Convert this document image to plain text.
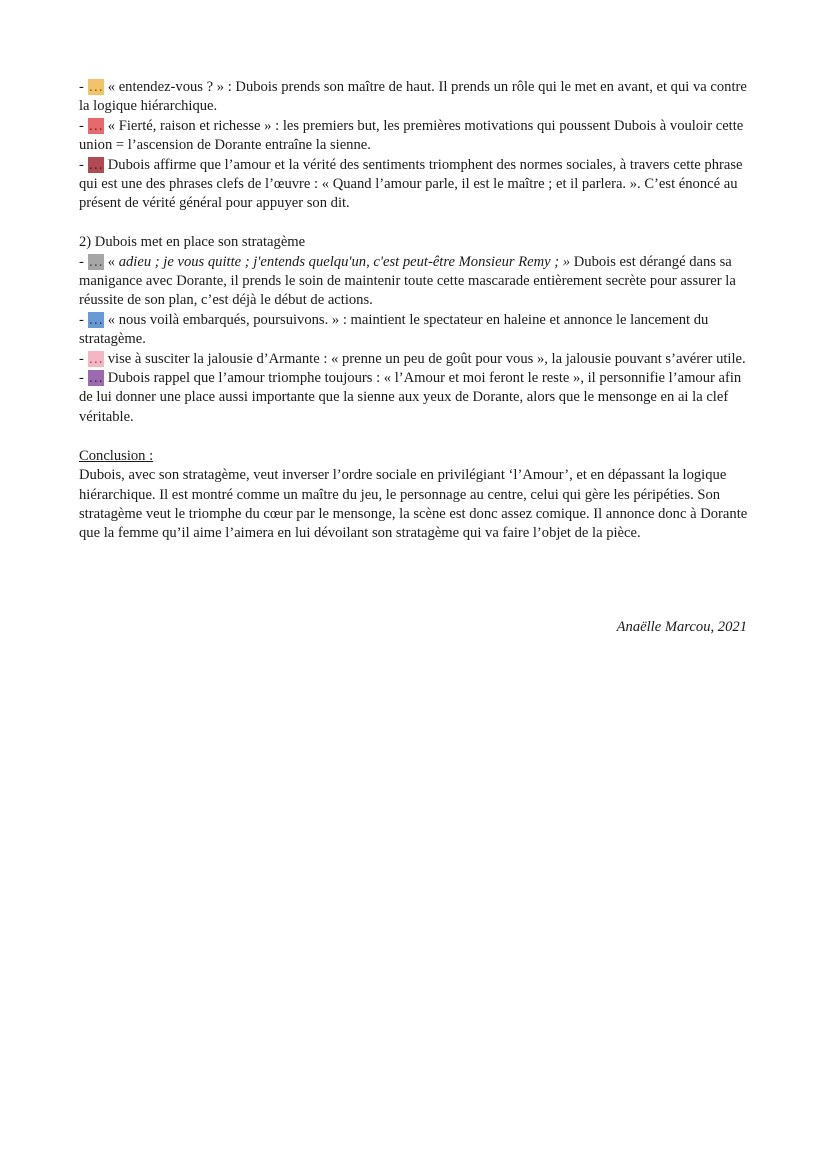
- … « entendez-vous ? » : Dubois prends son maître de haut. Il prends un rôle qui le met en avant, et qui va contre la logique hiérarchique.

- … « Fierté, raison et richesse » : les premiers but, les premières motivations qui poussent Dubois à vouloir cette union = l’ascension de Dorante entraîne la sienne.

- … Dubois affirme que l’amour et la vérité des sentiments triomphent des normes sociales, à travers cette phrase qui est une des phrases clefs de l’œuvre : « Quand l’amour parle, il est le maître ; et il parlera. ». C’est énoncé au présent de vérité général pour appuyer son dit.

2) Dubois met en place son stratagème

- … « adieu ; je vous quitte ; j'entends quelqu'un, c'est peut-être Monsieur Remy ; » Dubois est dérangé dans sa manigance avec Dorante, il prends le soin de maintenir toute cette mascarade entièrement secrète pour assurer la réussite de son plan, c’est déjà le début de actions.

- … « nous voilà embarqués, poursuivons. » : maintient le spectateur en haleine et annonce le lancement du stratagème.

- … vise à susciter la jalousie d’Armante : « prenne un peu de goût pour vous », la jalousie pouvant s’avérer utile.

- … Dubois rappel que l’amour triomphe toujours : « l’Amour et moi feront le reste », il personnifie l’amour afin de lui donner une place aussi importante que la sienne aux yeux de Dorante, alors que le mensonge en ai la clef véritable.

Conclusion :

Dubois, avec son stratagème, veut inverser l’ordre sociale en privilégiant ‘l’Amour’, et en dépassant la logique hiérarchique. Il est montré comme un maître du jeu, le personnage au centre, celui qui gère les péripéties. Son stratagème veut le triomphe du cœur par le mensonge, la scène est donc assez comique. Il annonce donc à Dorante que la femme qu’il aime l’aimera en lui dévoilant son stratagème qui va faire l’objet de la pièce.

Anaëlle Marcou, 2021
